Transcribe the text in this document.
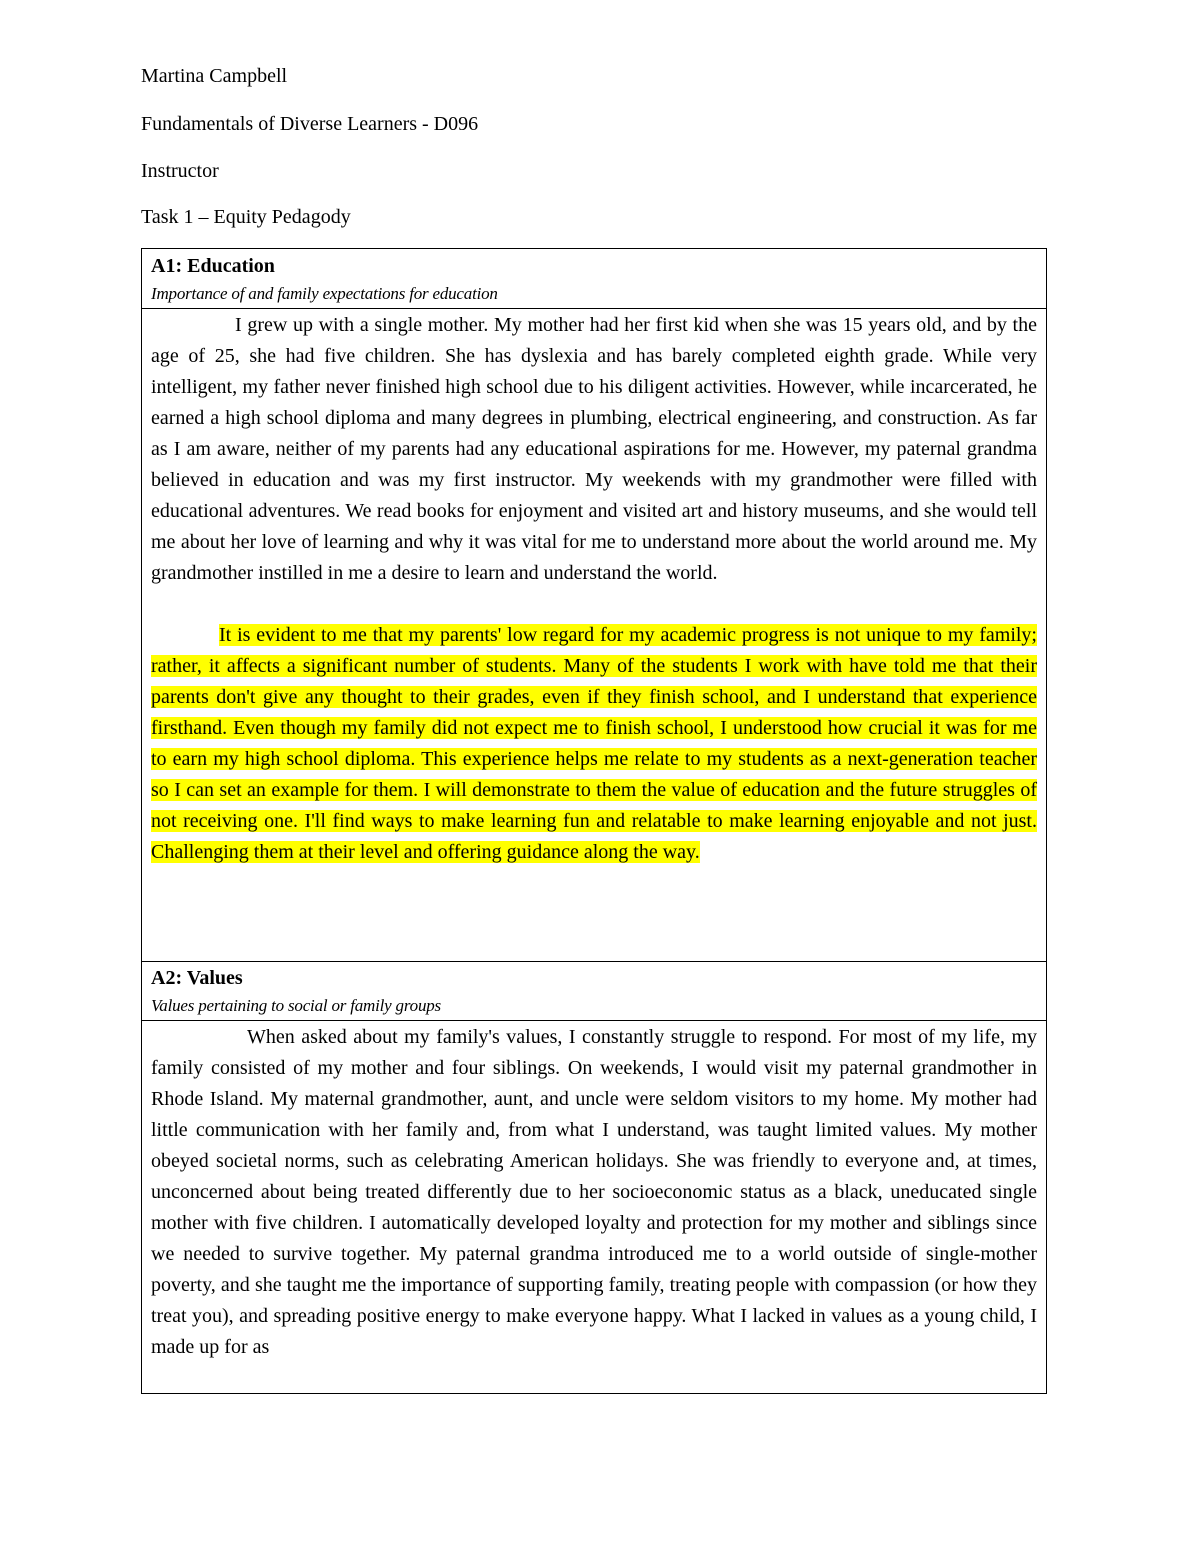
Martina Campbell
Fundamentals of Diverse Learners - D096
Instructor
Task 1 – Equity Pedagody
A1: Education
Importance of and family expectations for education

I grew up with a single mother. My mother had her first kid when she was 15 years old, and by the age of 25, she had five children. She has dyslexia and has barely completed eighth grade. While very intelligent, my father never finished high school due to his diligent activities. However, while incarcerated, he earned a high school diploma and many degrees in plumbing, electrical engineering, and construction. As far as I am aware, neither of my parents had any educational aspirations for me. However, my paternal grandma believed in education and was my first instructor. My weekends with my grandmother were filled with educational adventures. We read books for enjoyment and visited art and history museums, and she would tell me about her love of learning and why it was vital for me to understand more about the world around me. My grandmother instilled in me a desire to learn and understand the world.

It is evident to me that my parents' low regard for my academic progress is not unique to my family; rather, it affects a significant number of students. Many of the students I work with have told me that their parents don't give any thought to their grades, even if they finish school, and I understand that experience firsthand. Even though my family did not expect me to finish school, I understood how crucial it was for me to earn my high school diploma. This experience helps me relate to my students as a next-generation teacher so I can set an example for them. I will demonstrate to them the value of education and the future struggles of not receiving one. I'll find ways to make learning fun and relatable to make learning enjoyable and not just. Challenging them at their level and offering guidance along the way.

A2: Values
Values pertaining to social or family groups

When asked about my family's values, I constantly struggle to respond. For most of my life, my family consisted of my mother and four siblings. On weekends, I would visit my paternal grandmother in Rhode Island. My maternal grandmother, aunt, and uncle were seldom visitors to my home. My mother had little communication with her family and, from what I understand, was taught limited values. My mother obeyed societal norms, such as celebrating American holidays. She was friendly to everyone and, at times, unconcerned about being treated differently due to her socioeconomic status as a black, uneducated single mother with five children. I automatically developed loyalty and protection for my mother and siblings since we needed to survive together. My paternal grandma introduced me to a world outside of single-mother poverty, and she taught me the importance of supporting family, treating people with compassion (or how they treat you), and spreading positive energy to make everyone happy. What I lacked in values as a young child, I made up for as
